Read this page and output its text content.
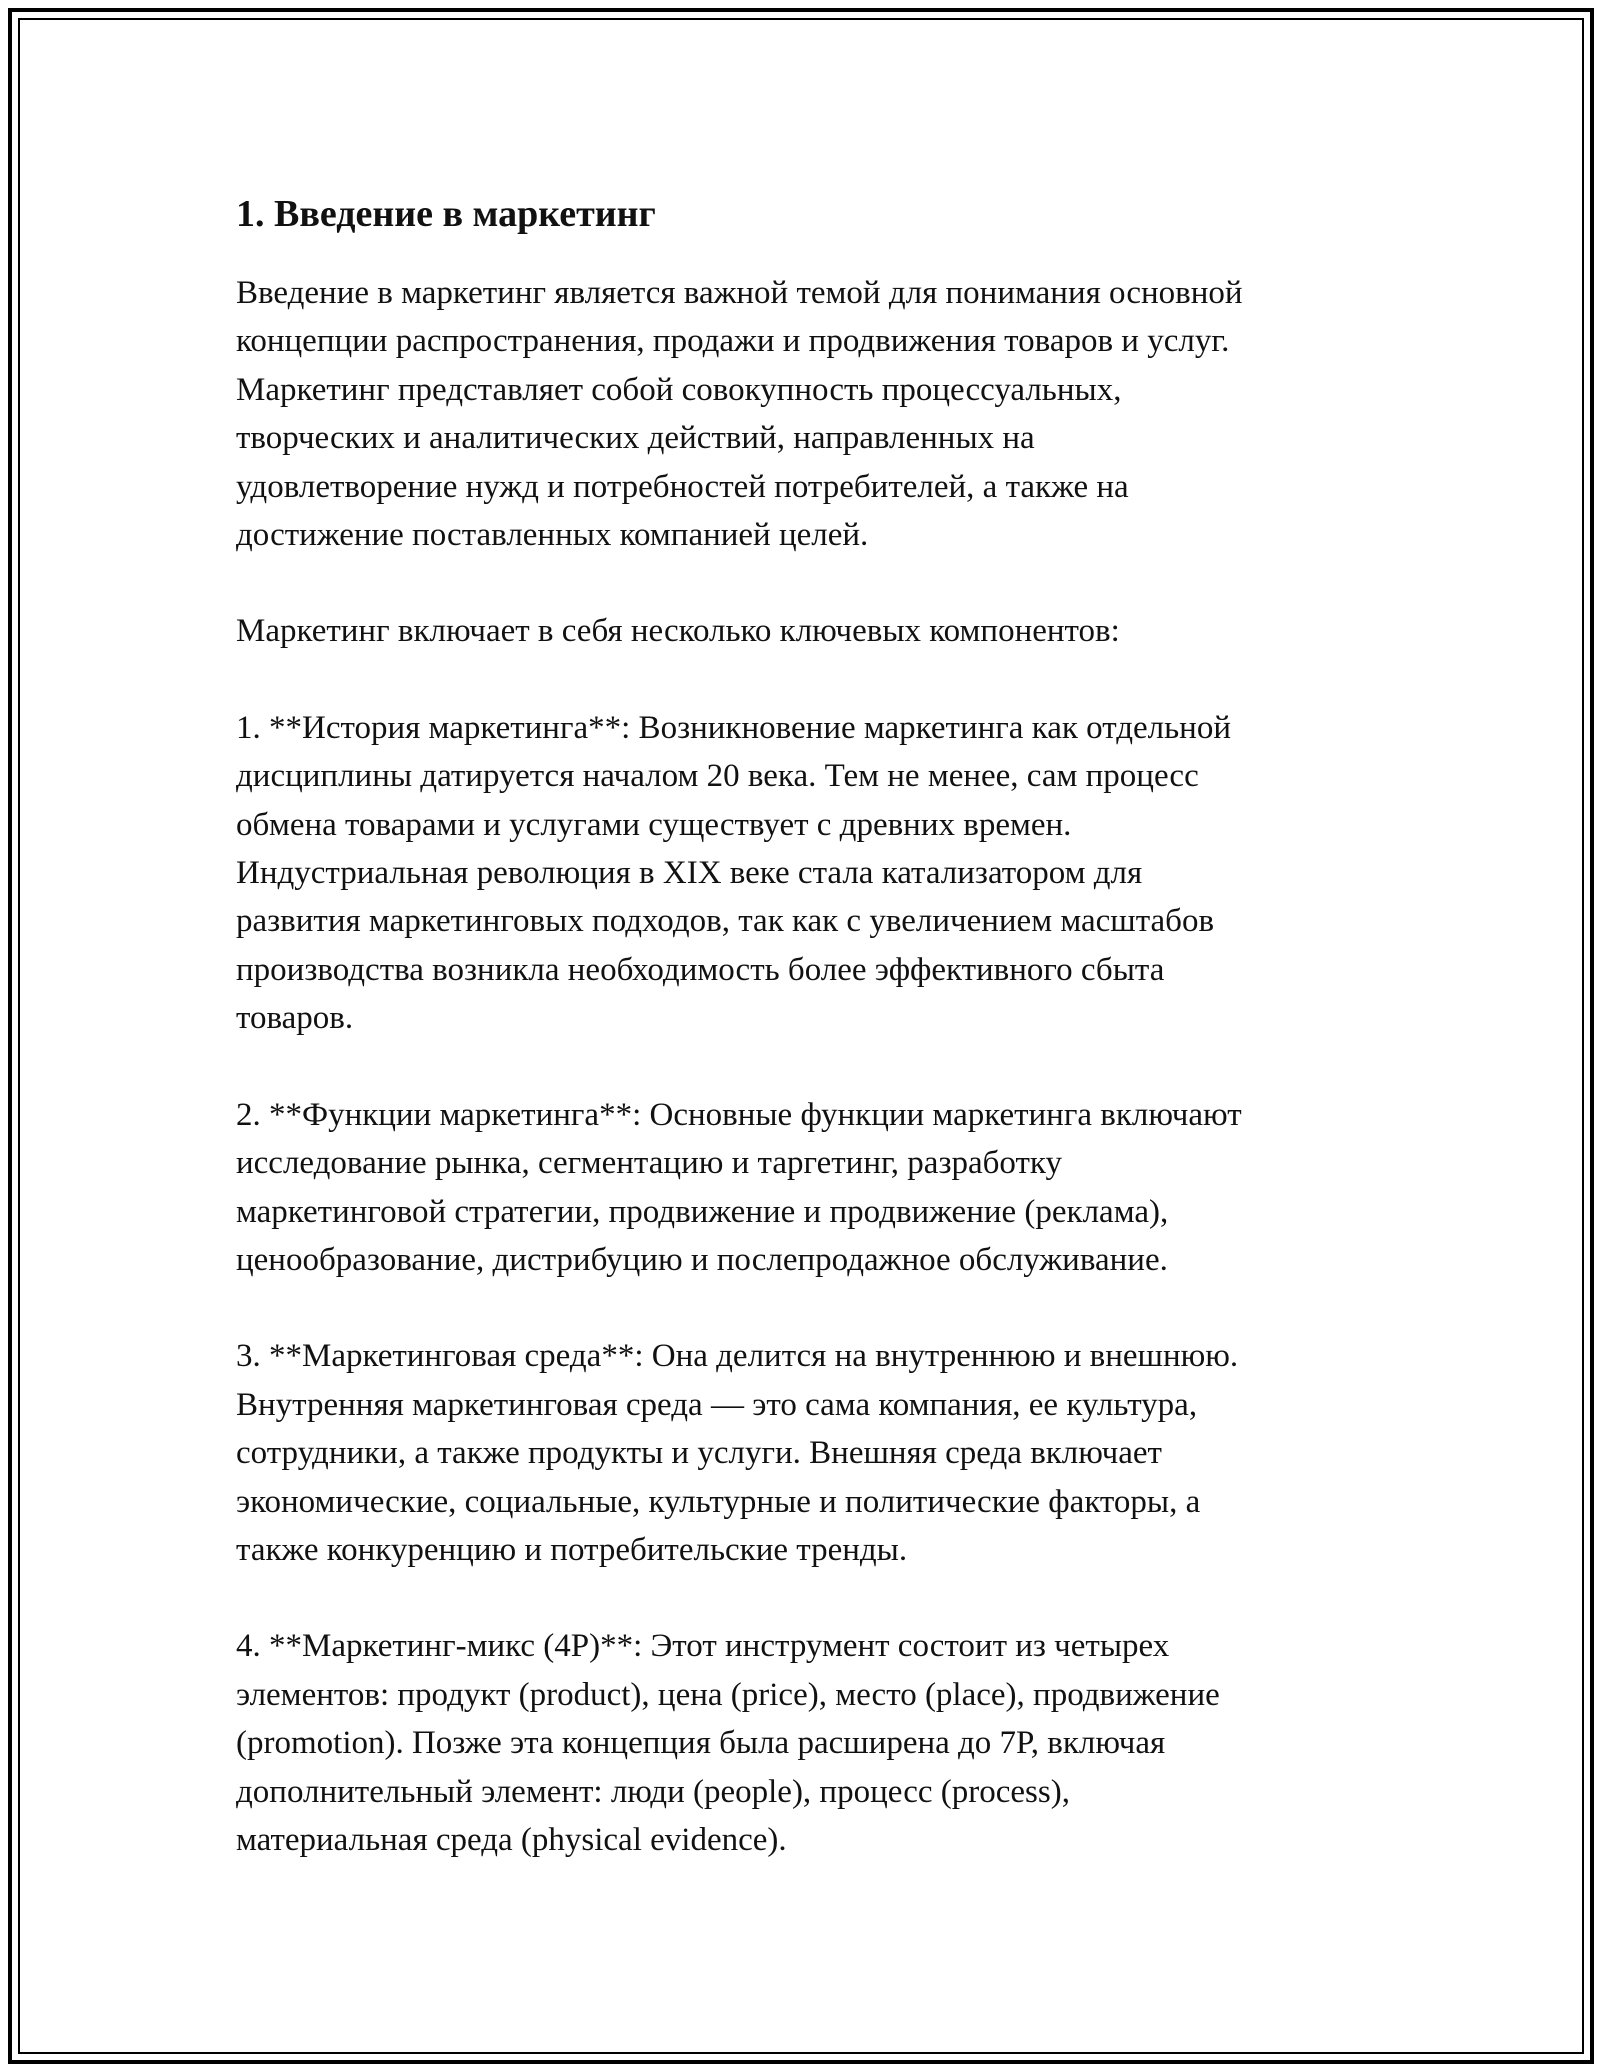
1. Введение в маркетинг

Введение в маркетинг является важной темой для понимания основной
концепции распространения, продажи и продвижения товаров и услуг.
Маркетинг представляет собой совокупность процессуальных,
творческих и аналитических действий, направленных на
удовлетворение нужд и потребностей потребителей, а также на
достижение поставленных компанией целей.

Маркетинг включает в себя несколько ключевых компонентов:

1. **История маркетинга**: Возникновение маркетинга как отдельной
дисциплины датируется началом 20 века. Тем не менее, сам процесс
обмена товарами и услугами существует с древних времен.
Индустриальная революция в XIX веке стала катализатором для
развития маркетинговых подходов, так как с увеличением масштабов
производства возникла необходимость более эффективного сбыта
товаров.

2. **Функции маркетинга**: Основные функции маркетинга включают
исследование рынка, сегментацию и таргетинг, разработку
маркетинговой стратегии, продвижение и продвижение (реклама),
ценообразование, дистрибуцию и послепродажное обслуживание.

3. **Маркетинговая среда**: Она делится на внутреннюю и внешнюю.
Внутренняя маркетинговая среда — это сама компания, ее культура,
сотрудники, а также продукты и услуги. Внешняя среда включает
экономические, социальные, культурные и политические факторы, а
также конкуренцию и потребительские тренды.

4. **Маркетинг-микс (4P)**: Этот инструмент состоит из четырех
элементов: продукт (product), цена (price), место (place), продвижение
(promotion). Позже эта концепция была расширена до 7P, включая
дополнительный элемент: люди (people), процесс (process),
материальная среда (physical evidence).
